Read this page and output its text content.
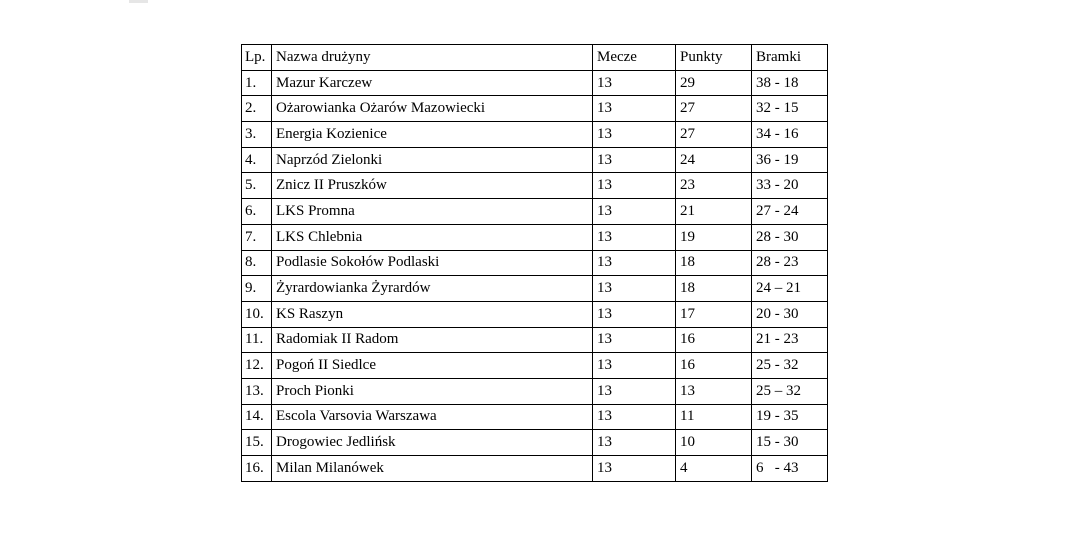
Lp.	Nazwa drużyny	Mecze	Punkty	Bramki
1.	Mazur Karczew	13	29	38 - 18
2.	Ożarowianka Ożarów Mazowiecki	13	27	32 - 15
3.	Energia Kozienice	13	27	34 - 16
4.	Naprzód Zielonki	13	24	36 - 19
5.	Znicz II Pruszków	13	23	33 - 20
6.	LKS Promna	13	21	27 - 24
7.	LKS Chlebnia	13	19	28 - 30
8.	Podlasie Sokołów Podlaski	13	18	28 - 23
9.	Żyrardowianka Żyrardów	13	18	24 – 21
10.	KS Raszyn	13	17	20 - 30
11.	Radomiak II Radom	13	16	21 - 23
12.	Pogoń II Siedlce	13	16	25 - 32
13.	Proch Pionki	13	13	25 – 32
14.	Escola Varsovia Warszawa	13	11	19 - 35
15.	Drogowiec Jedlińsk	13	10	15 - 30
16.	Milan Milanówek	13	4	6   - 43
